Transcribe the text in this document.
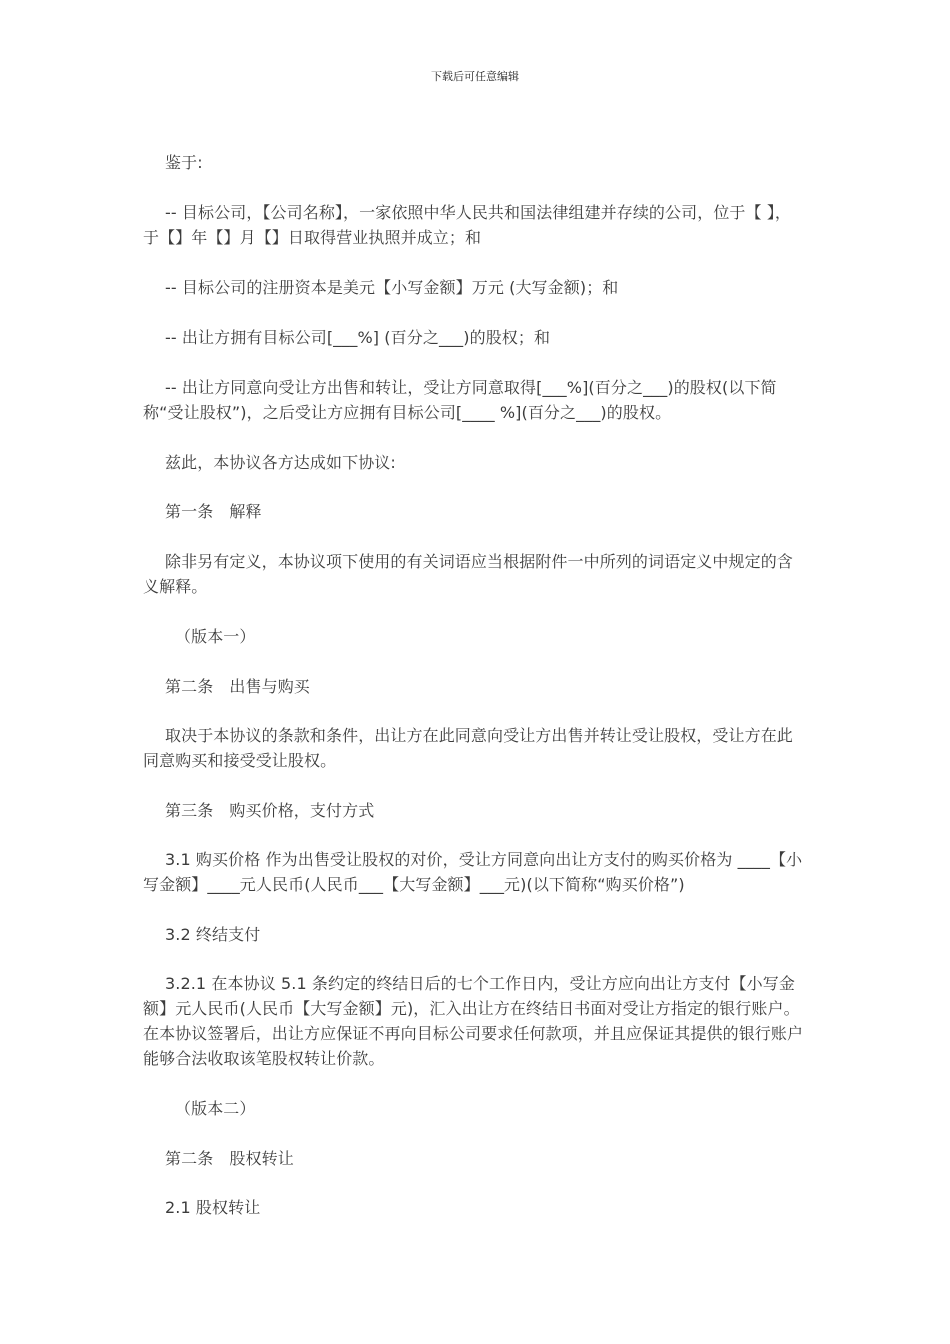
下载后可任意编辑
鉴于:
-- 目标公司，【公司名称】，一家依照中华人民共和国法律组建并存续的公司，位于【 】，于【】年【】月【】日取得营业执照并成立；和
-- 目标公司的注册资本是美元【小写金额】万元 (大写金额)；和
-- 出让方拥有目标公司[___%] (百分之___)的股权；和
-- 出让方同意向受让方出售和转让，受让方同意取得[___%](百分之___)的股权(以下简称“受让股权”)，之后受让方应拥有目标公司[____ %](百分之___)的股权。
兹此，本协议各方达成如下协议:
第一条　解释
除非另有定义，本协议项下使用的有关词语应当根据附件一中所列的词语定义中规定的含义解释。
（版本一）
第二条　出售与购买
取决于本协议的条款和条件，出让方在此同意向受让方出售并转让受让股权，受让方在此同意购买和接受受让股权。
第三条　购买价格，支付方式
3.1 购买价格 作为出售受让股权的对价，受让方同意向出让方支付的购买价格为 ____【小写金额】____元人民币(人民币___【大写金额】___元)(以下简称“购买价格”)
3.2 终结支付
3.2.1 在本协议 5.1 条约定的终结日后的七个工作日内，受让方应向出让方支付【小写金额】元人民币(人民币【大写金额】元)，汇入出让方在终结日书面对受让方指定的银行账户。在本协议签署后，出让方应保证不再向目标公司要求任何款项，并且应保证其提供的银行账户能够合法收取该笔股权转让价款。
（版本二）
第二条　股权转让
2.1 股权转让
